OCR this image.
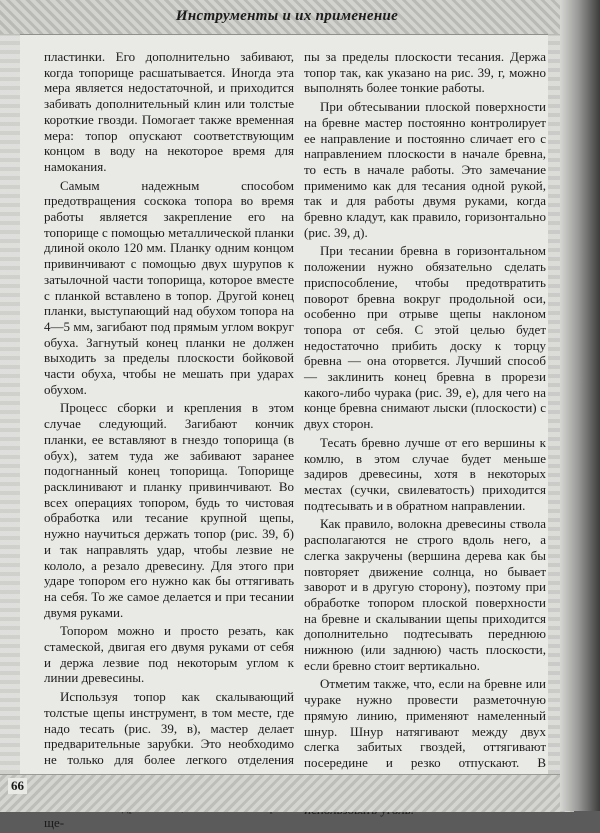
Инструменты и их применение

пластинки. Его дополнительно забивают, когда топорище расшатывается. Иногда эта мера является недостаточной, и приходится забивать дополнительный клин или толстые короткие гвозди. Помогает также временная мера: топор опускают соответствующим концом в воду на некоторое время для намокания.

Самым надежным способом предотвращения соскока топора во время работы является закрепление его на топорище с помощью металлической планки длиной около 120 мм. Планку одним концом привинчивают с помощью двух шурупов к затылочной части топорища, которое вместе с планкой вставлено в топор. Другой конец планки, выступающий над обухом топора на 4—5 мм, загибают под прямым углом вокруг обуха. Загнутый конец планки не должен выходить за пределы плоскости бойковой части обуха, чтобы не мешать при ударах обухом.

Процесс сборки и крепления в этом случае следующий. Загибают кончик планки, ее вставляют в гнездо топорища (в обух), затем туда же забивают заранее подогнанный конец топорища. Топорище расклинивают и планку привинчивают. Во всех операциях топором, будь то чистовая обработка или тесание крупной щепы, нужно научиться держать топор (рис. 39, б) и так направлять удар, чтобы лезвие не кололо, а резало древесину. Для этого при ударе топором его нужно как бы оттягивать на себя. То же самое делается и при тесании двумя руками.

Топором можно и просто резать, как стамеской, двигая его двумя руками от себя и держа лезвие под некоторым углом к линии древесины.

Используя топор как скалывающий толстые щепы инструмент, в том месте, где надо тесать (рис. 39, в), мастер делает предварительные зарубки. Это необходимо не только для более легкого отделения ще-

пы за пределы плоскости тесания. Держа топор так, как указано на рис. 39, г, можно выполнять более тонкие работы.

При обтесывании плоской поверхности на бревне мастер постоянно контролирует ее направление и постоянно сличает его с направлением плоскости в начале бревна, то есть в начале работы. Это замечание применимо как для тесания одной рукой, так и для работы двумя руками, когда бревно кладут, как правило, горизонтально (рис. 39, д).

При тесании бревна в горизонтальном положении нужно обязательно сделать приспособление, чтобы предотвратить поворот бревна вокруг продольной оси, особенно при отрыве щепы наклоном топора от себя. С этой целью будет недостаточно прибить доску к торцу бревна — она оторвется. Лучший способ — заклинить конец бревна в прорези какого-либо чурака (рис. 39, е), для чего на конце бревна снимают лыски (плоскости) с двух сторон.

Тесать бревно лучше от его вершины к комлю, в этом случае будет меньше задиров древесины, хотя в некоторых местах (сучки, свилеватость) приходится подтесывать и в обратном направлении.

Как правило, волокна древесины ствола располагаются не строго вдоль него, а слегка закручены (вершина дерева как бы повторяет движение солнца, но бывает заворот и в другую сторону), поэтому при обработке топором плоской поверхности на бревне и скалывании щепы приходится дополнительно подтесывать переднюю нижнюю (или заднюю) часть плоскости, если бревно стоит вертикально.

Отметим также, что, если на бревне или чураке нужно провести разметочную прямую линию, применяют намеленный шнур. Шнур натягивают между двух слегка забитых гвоздей, оттягивают посередине и резко отпускают. В

66
